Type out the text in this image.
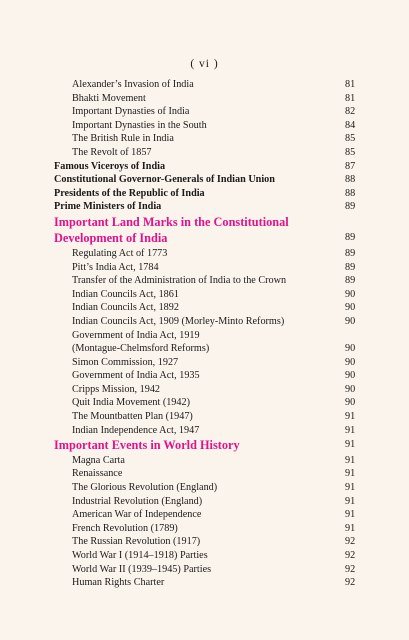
( vi )
Alexander’s Invasion of India	81
Bhakti Movement	81
Important Dynasties of India	82
Important Dynasties in the South	84
The British Rule in India	85
The Revolt of 1857	85
Famous Viceroys of India	87
Constitutional Governor-Generals of Indian Union	88
Presidents of the Republic of India	88
Prime Ministers of India	89
Important Land Marks in the Constitutional
Development of India	89
Regulating Act of 1773	89
Pitt’s India Act, 1784	89
Transfer of the Administration of India to the Crown	89
Indian Councils Act, 1861	90
Indian Councils Act, 1892	90
Indian Councils Act, 1909 (Morley-Minto Reforms)	90
Government of India Act, 1919
(Montague-Chelmsford Reforms)	90
Simon Commission, 1927	90
Government of India Act, 1935	90
Cripps Mission, 1942	90
Quit India Movement (1942)	90
The Mountbatten Plan (1947)	91
Indian Independence Act, 1947	91
Important Events in World History	91
Magna Carta	91
Renaissance	91
The Glorious Revolution (England)	91
Industrial Revolution (England)	91
American War of Independence	91
French Revolution (1789)	91
The Russian Revolution (1917)	92
World War I (1914–1918) Parties	92
World War II (1939–1945) Parties	92
Human Rights Charter	92
